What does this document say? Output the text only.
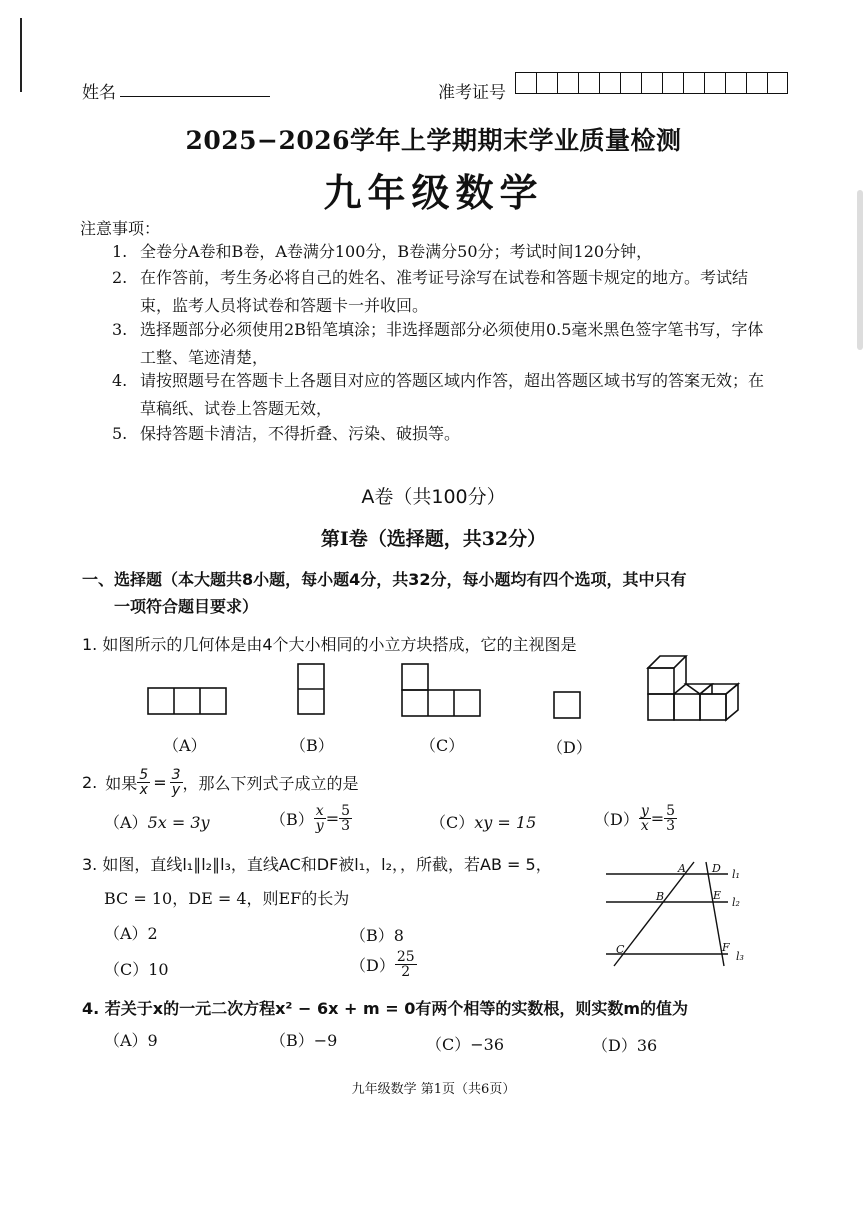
姓名	准考证号
2025−2026学年上学期期末学业质量检测
九年级数学
注意事项：
1. 全卷分A卷和B卷，A卷满分100分，B卷满分50分；考试时间120分钟，
2. 在作答前，考生务必将自己的姓名、准考证号涂写在试卷和答题卡规定的地方。考试结
束，监考人员将试卷和答题卡一并收回。
3. 选择题部分必须使用2B铅笔填涂；非选择题部分必须使用0.5毫米黑色签字笔书写，字体
工整、笔迹清楚，
4. 请按照题号在答题卡上各题目对应的答题区域内作答，超出答题区域书写的答案无效；在
草稿纸、试卷上答题无效，
5. 保持答题卡清洁，不得折叠、污染、破损等。
A卷（共100分）
第Ⅰ卷（选择题，共32分）
一、选择题（本大题共8小题，每小题4分，共32分，每小题均有四个选项，其中只有
一项符合题目要求）
1. 如图所示的几何体是由4个大小相同的小立方块搭成，它的主视图是
（A）	（B）	（C）	（D）
2. 如果 $\frac{5}{x} = \frac{3}{y}$ ，那么下列式子成立的是
（A）5x = 3y	$(B) \frac{x}{y} = \frac{5}{3}$	（C）xy = 15	$(D) \frac{y}{x} = \frac{5}{3}$
3. 如图，直线l₁∥l₂∥l₃，直线AC和DF被l₁，l₂，，所截，若AB = 5，
BC = 10，DE = 4，则EF的长为
（A）2	（B）8
（C）10	$(D) \frac{25}{2}$
A D
B	E
C	F
l₁
l₂
l₃
4. 若关于x的一元二次方程x² − 6x + m = 0有两个相等的实数根，则实数m的值为
（A）9	（B）−9	（C）−36	（D）36
九年级数学 第1页（共6页）
